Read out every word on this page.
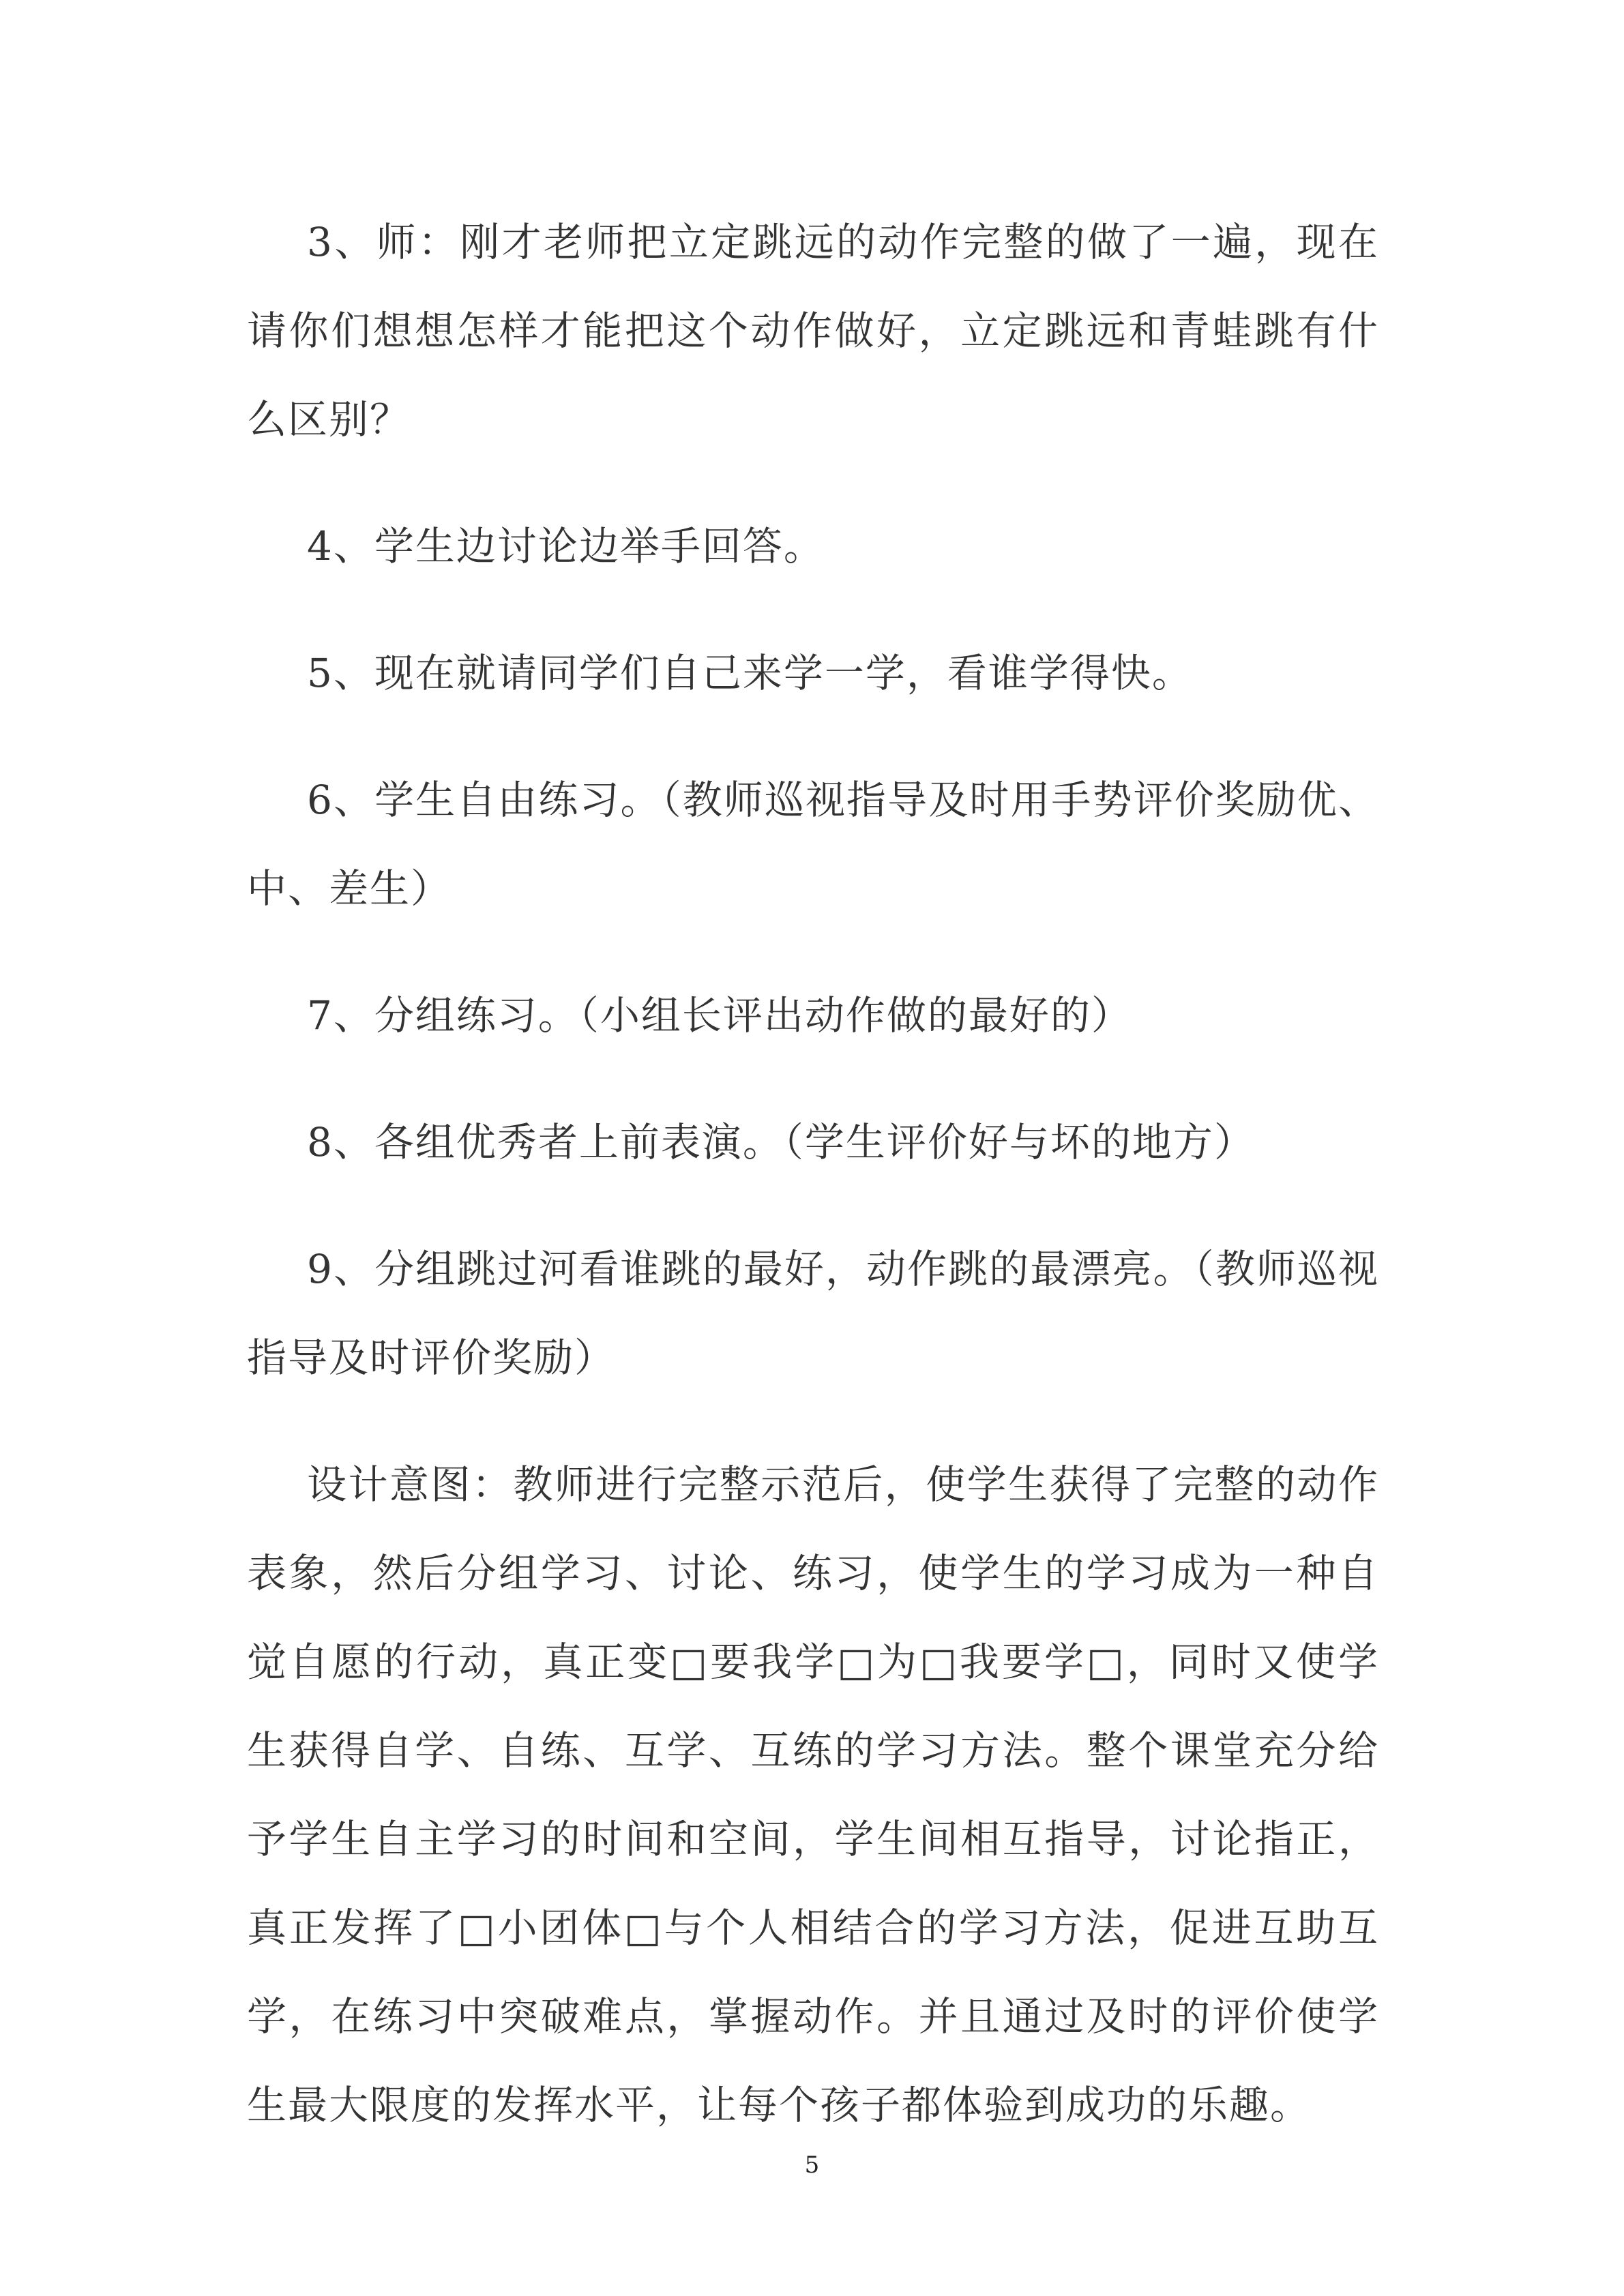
3、师：刚才老师把立定跳远的动作完整的做了一遍，现在请你们想想怎样才能把这个动作做好，立定跳远和青蛙跳有什么区别？

4、学生边讨论边举手回答。

5、现在就请同学们自己来学一学，看谁学得快。

6、学生自由练习。（教师巡视指导及时用手势评价奖励优、中、差生）

7、分组练习。（小组长评出动作做的最好的）

8、各组优秀者上前表演。（学生评价好与坏的地方）

9、分组跳过河看谁跳的最好，动作跳的最漂亮。（教师巡视指导及时评价奖励）

设计意图：教师进行完整示范后，使学生获得了完整的动作表象，然后分组学习、讨论、练习，使学生的学习成为一种自觉自愿的行动，真正变□要我学□为□我要学□，同时又使学生获得自学、自练、互学、互练的学习方法。整个课堂充分给予学生自主学习的时间和空间，学生间相互指导，讨论指正，真正发挥了□小团体□与个人相结合的学习方法，促进互助互学，在练习中突破难点，掌握动作。并且通过及时的评价使学生最大限度的发挥水平，让每个孩子都体验到成功的乐趣。

5
